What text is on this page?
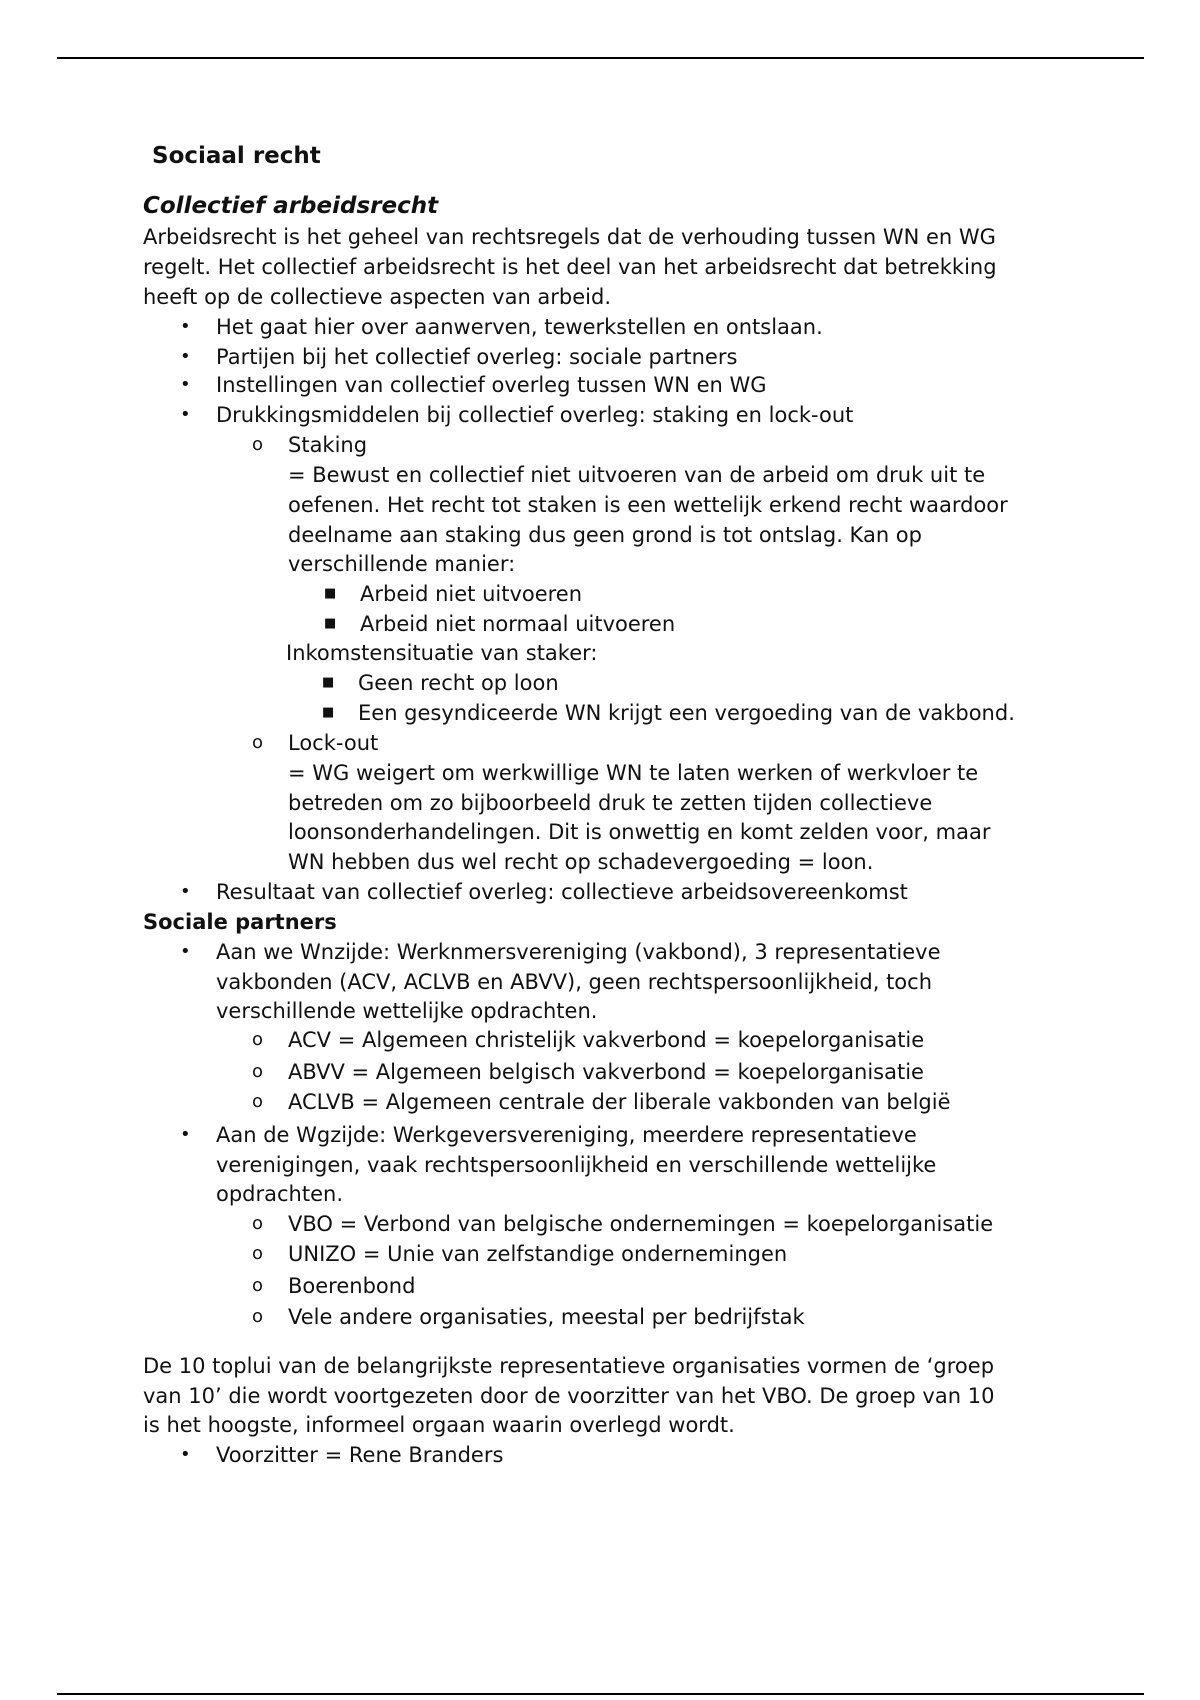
Sociaal recht
Collectief arbeidsrecht
Arbeidsrecht is het geheel van rechtsregels dat de verhouding tussen WN en WG
regelt. Het collectief arbeidsrecht is het deel van het arbeidsrecht dat betrekking
heeft op de collectieve aspecten van arbeid.
• Het gaat hier over aanwerven, tewerkstellen en ontslaan.
• Partijen bij het collectief overleg: sociale partners
• Instellingen van collectief overleg tussen WN en WG
• Drukkingsmiddelen bij collectief overleg: staking en lock-out
o Staking
= Bewust en collectief niet uitvoeren van de arbeid om druk uit te
oefenen. Het recht tot staken is een wettelijk erkend recht waardoor
deelname aan staking dus geen grond is tot ontslag. Kan op
verschillende manier:
■ Arbeid niet uitvoeren
■ Arbeid niet normaal uitvoeren
Inkomstensituatie van staker:
■ Geen recht op loon
■ Een gesyndiceerde WN krijgt een vergoeding van de vakbond.
o Lock-out
= WG weigert om werkwillige WN te laten werken of werkvloer te
betreden om zo bijboorbeeld druk te zetten tijden collectieve
loonsonderhandelingen. Dit is onwettig en komt zelden voor, maar
WN hebben dus wel recht op schadevergoeding = loon.
• Resultaat van collectief overleg: collectieve arbeidsovereenkomst
Sociale partners
• Aan we Wnzijde: Werknmersvereniging (vakbond), 3 representatieve
vakbonden (ACV, ACLVB en ABVV), geen rechtspersoonlijkheid, toch
verschillende wettelijke opdrachten.
o ACV = Algemeen christelijk vakverbond = koepelorganisatie
o ABVV = Algemeen belgisch vakverbond = koepelorganisatie
o ACLVB = Algemeen centrale der liberale vakbonden van belgië
• Aan de Wgzijde: Werkgeversvereniging, meerdere representatieve
verenigingen, vaak rechtspersoonlijkheid en verschillende wettelijke
opdrachten.
o VBO = Verbond van belgische ondernemingen = koepelorganisatie
o UNIZO = Unie van zelfstandige ondernemingen
o Boerenbond
o Vele andere organisaties, meestal per bedrijfstak
De 10 toplui van de belangrijkste representatieve organisaties vormen de ‘groep
van 10’ die wordt voortgezeten door de voorzitter van het VBO. De groep van 10
is het hoogste, informeel orgaan waarin overlegd wordt.
• Voorzitter = Rene Branders
